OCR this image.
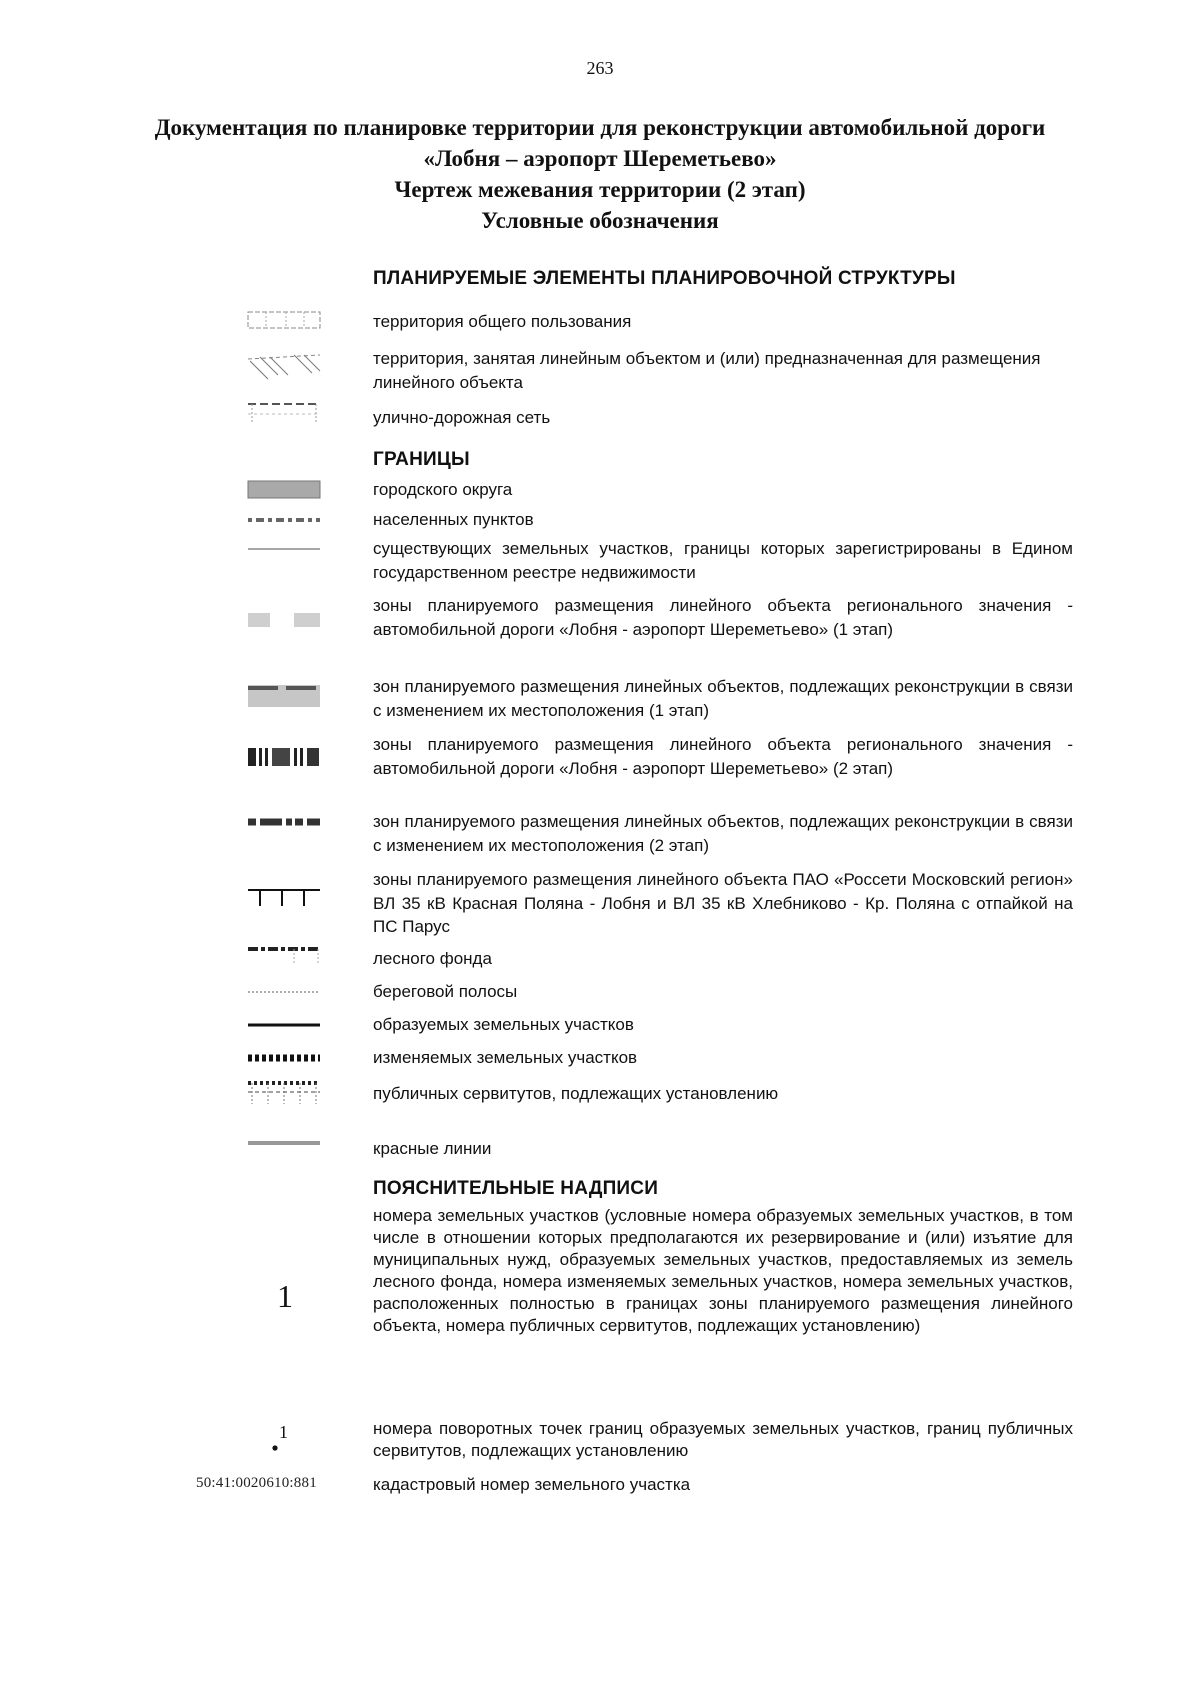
263
Документация по планировке территории для реконструкции автомобильной дороги
«Лобня – аэропорт Шереметьево»
Чертеж межевания территории (2 этап)
Условные обозначения
ПЛАНИРУЕМЫЕ ЭЛЕМЕНТЫ ПЛАНИРОВОЧНОЙ СТРУКТУРЫ
территория общего пользования
территория, занятая линейным объектом и (или) предназначенная для размещения линейного объекта
улично-дорожная сеть
ГРАНИЦЫ
городского округа
населенных пунктов
существующих земельных участков, границы которых зарегистрированы в Едином государственном реестре недвижимости
зоны планируемого размещения линейного объекта регионального значения - автомобильной дороги «Лобня - аэропорт Шереметьево» (1 этап)
зон планируемого размещения линейных объектов, подлежащих реконструкции в связи с изменением их местоположения (1 этап)
зоны планируемого размещения линейного объекта регионального значения - автомобильной дороги «Лобня - аэропорт Шереметьево» (2 этап)
зон планируемого размещения линейных объектов, подлежащих реконструкции в связи с изменением их местоположения (2 этап)
зоны планируемого размещения линейного объекта ПАО «Россети Московский регион» ВЛ 35 кВ Красная Поляна - Лобня и ВЛ 35 кВ Хлебниково - Кр. Поляна с отпайкой на ПС Парус
лесного фонда
береговой полосы
образуемых земельных участков
изменяемых земельных участков
публичных сервитутов, подлежащих установлению
красные линии
ПОЯСНИТЕЛЬНЫЕ НАДПИСИ
1
номера земельных участков (условные номера образуемых земельных участков, в том числе в отношении которых предполагаются их резервирование и (или) изъятие для муниципальных нужд, образуемых земельных участков, предоставляемых из земель лесного фонда, номера изменяемых земельных участков, номера земельных участков, расположенных полностью в границах зоны планируемого размещения линейного объекта, номера публичных сервитутов, подлежащих установлению)
1	номера поворотных точек границ образуемых земельных участков, границ публичных сервитутов, подлежащих установлению
50:41:0020610:881	кадастровый номер земельного участка
